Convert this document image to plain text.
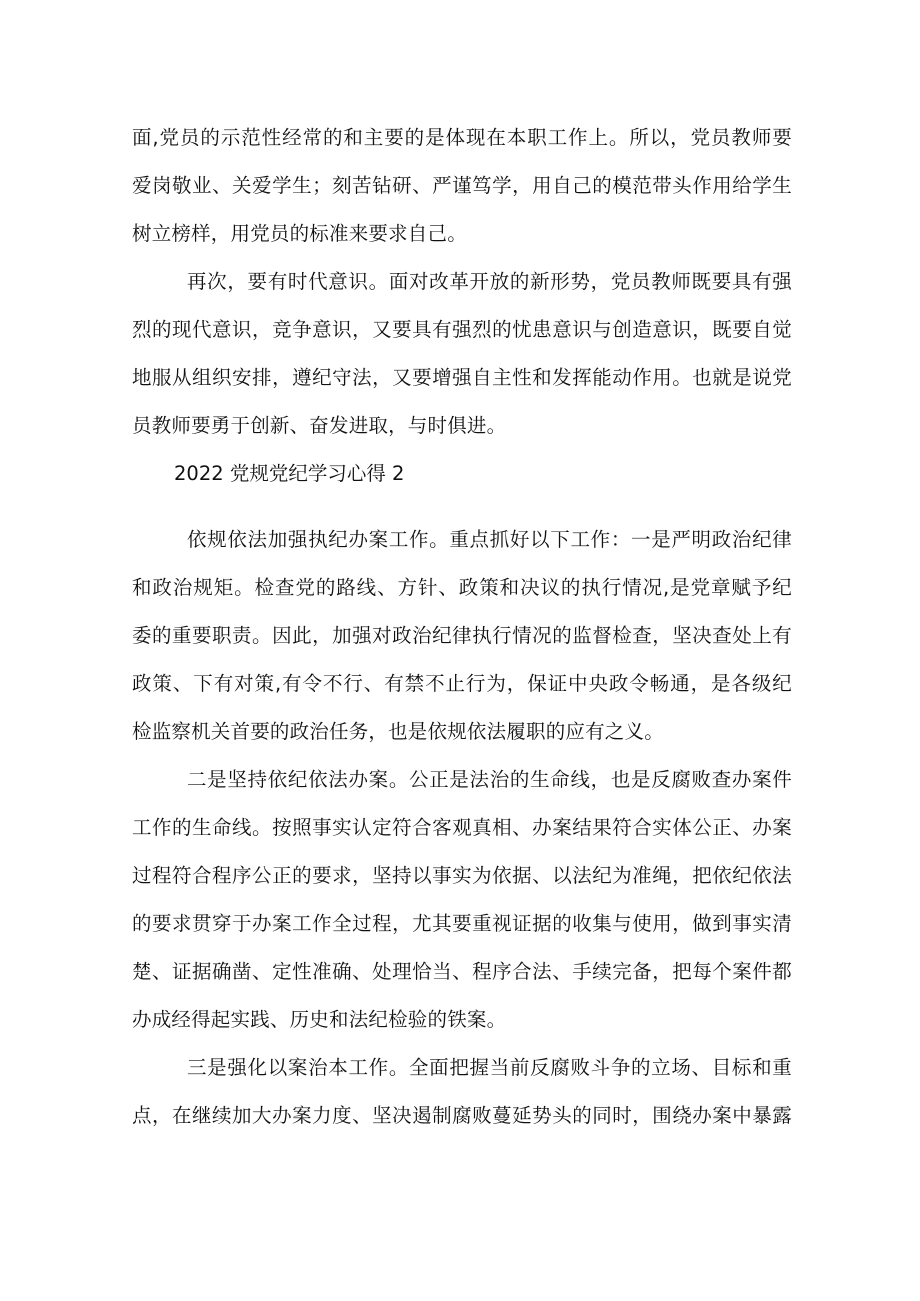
面,党员的示范性经常的和主要的是体现在本职工作上。所以，党员教师要
爱岗敬业、关爱学生；刻苦钻研、严谨笃学，用自己的模范带头作用给学生
树立榜样，用党员的标准来要求自己。
再次，要有时代意识。面对改革开放的新形势，党员教师既要具有强
烈的现代意识，竞争意识，又要具有强烈的忧患意识与创造意识，既要自觉
地服从组织安排，遵纪守法，又要增强自主性和发挥能动作用。也就是说党
员教师要勇于创新、奋发进取，与时俱进。
2022 党规党纪学习心得 2
依规依法加强执纪办案工作。重点抓好以下工作：一是严明政治纪律
和政治规矩。检查党的路线、方针、政策和决议的执行情况,是党章赋予纪
委的重要职责。因此，加强对政治纪律执行情况的监督检查，坚决查处上有
政策、下有对策,有令不行、有禁不止行为，保证中央政令畅通，是各级纪
检监察机关首要的政治任务，也是依规依法履职的应有之义。
二是坚持依纪依法办案。公正是法治的生命线，也是反腐败查办案件
工作的生命线。按照事实认定符合客观真相、办案结果符合实体公正、办案
过程符合程序公正的要求，坚持以事实为依据、以法纪为准绳，把依纪依法
的要求贯穿于办案工作全过程，尤其要重视证据的收集与使用，做到事实清
楚、证据确凿、定性准确、处理恰当、程序合法、手续完备，把每个案件都
办成经得起实践、历史和法纪检验的铁案。
三是强化以案治本工作。全面把握当前反腐败斗争的立场、目标和重
点，在继续加大办案力度、坚决遏制腐败蔓延势头的同时，围绕办案中暴露
